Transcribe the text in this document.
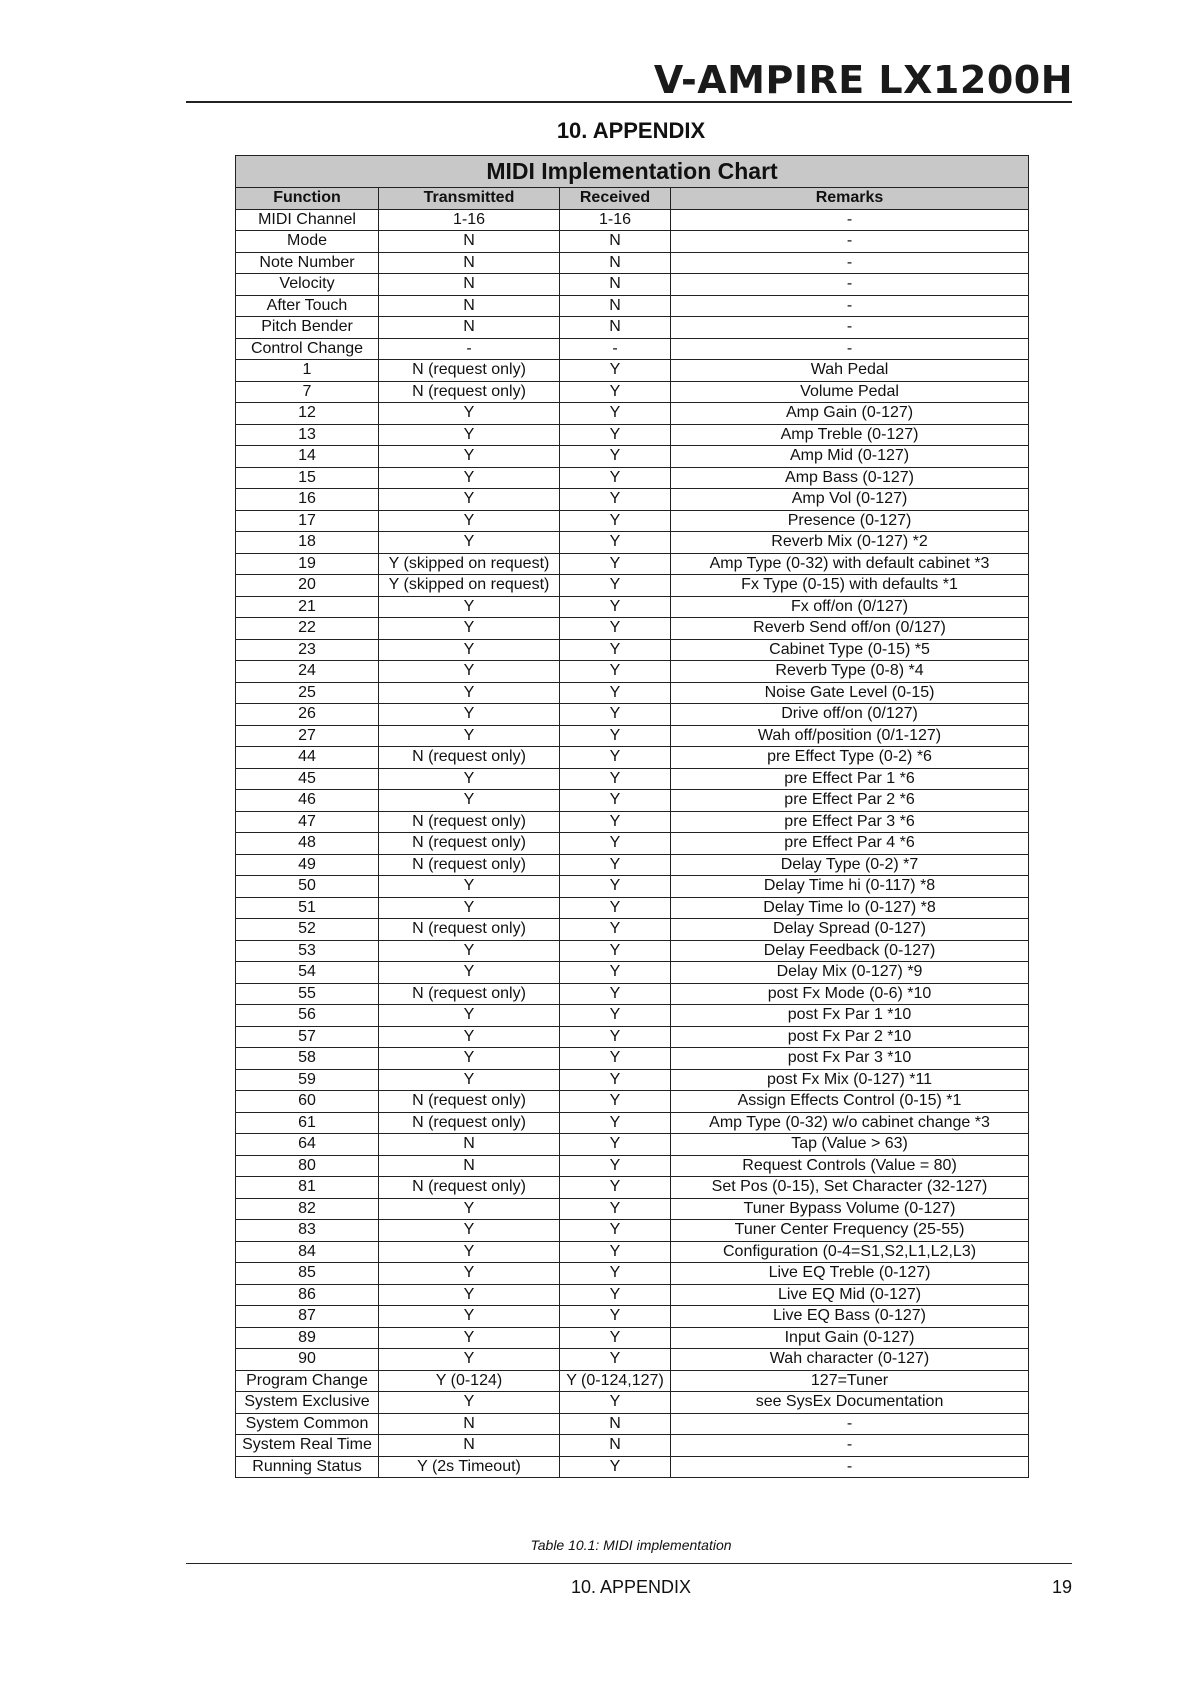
V-AMPIRE LX1200H
10. APPENDIX
MIDI Implementation Chart			
Function	Transmitted	Received	Remarks
MIDI Channel	1-16	1-16	-
Mode	N	N	-
Note Number	N	N	-
Velocity	N	N	-
After Touch	N	N	-
Pitch Bender	N	N	-
Control Change	-	-	-
1	N (request only)	Y	Wah Pedal
7	N (request only)	Y	Volume Pedal
12	Y	Y	Amp Gain (0-127)
13	Y	Y	Amp Treble (0-127)
14	Y	Y	Amp Mid (0-127)
15	Y	Y	Amp Bass (0-127)
16	Y	Y	Amp Vol (0-127)
17	Y	Y	Presence (0-127)
18	Y	Y	Reverb Mix (0-127) *2
19	Y (skipped on request)	Y	Amp Type (0-32) with default cabinet *3
20	Y (skipped on request)	Y	Fx Type (0-15) with defaults *1
21	Y	Y	Fx off/on (0/127)
22	Y	Y	Reverb Send off/on (0/127)
23	Y	Y	Cabinet Type (0-15) *5
24	Y	Y	Reverb Type (0-8) *4
25	Y	Y	Noise Gate Level (0-15)
26	Y	Y	Drive off/on (0/127)
27	Y	Y	Wah off/position (0/1-127)
44	N (request only)	Y	pre Effect Type (0-2) *6
45	Y	Y	pre Effect Par 1 *6
46	Y	Y	pre Effect Par 2 *6
47	N (request only)	Y	pre Effect Par 3 *6
48	N (request only)	Y	pre Effect Par 4 *6
49	N (request only)	Y	Delay Type (0-2) *7
50	Y	Y	Delay Time hi (0-117) *8
51	Y	Y	Delay Time lo (0-127) *8
52	N (request only)	Y	Delay Spread (0-127)
53	Y	Y	Delay Feedback (0-127)
54	Y	Y	Delay Mix (0-127) *9
55	N (request only)	Y	post Fx Mode (0-6) *10
56	Y	Y	post Fx Par 1 *10
57	Y	Y	post Fx Par 2 *10
58	Y	Y	post Fx Par 3 *10
59	Y	Y	post Fx Mix (0-127) *11
60	N (request only)	Y	Assign Effects Control (0-15) *1
61	N (request only)	Y	Amp Type (0-32) w/o cabinet change *3
64	N	Y	Tap (Value > 63)
80	N	Y	Request Controls (Value = 80)
81	N (request only)	Y	Set Pos (0-15), Set Character (32-127)
82	Y	Y	Tuner Bypass Volume (0-127)
83	Y	Y	Tuner Center Frequency (25-55)
84	Y	Y	Configuration (0-4=S1,S2,L1,L2,L3)
85	Y	Y	Live EQ Treble (0-127)
86	Y	Y	Live EQ Mid (0-127)
87	Y	Y	Live EQ Bass (0-127)
89	Y	Y	Input Gain (0-127)
90	Y	Y	Wah character (0-127)
Program Change	Y (0-124)	Y (0-124,127)	127=Tuner
System Exclusive	Y	Y	see SysEx Documentation
System Common	N	N	-
System Real Time	N	N	-
Running Status	Y (2s Timeout)	Y	-

Table 10.1: MIDI implementation

10. APPENDIX	19
